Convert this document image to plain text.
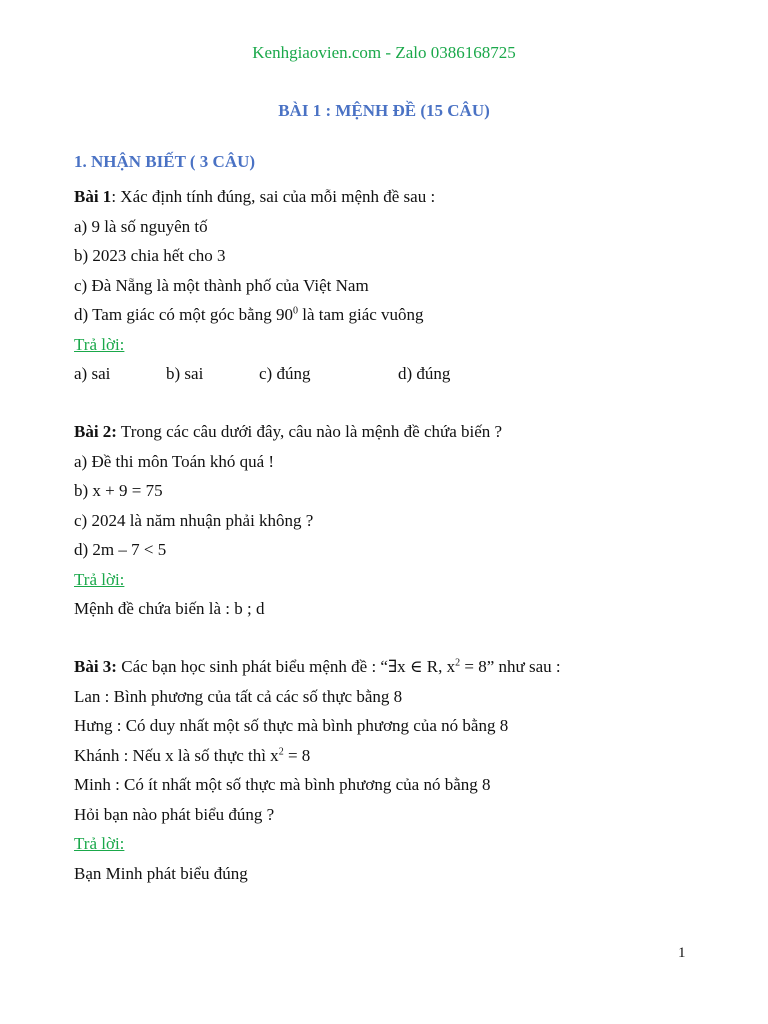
Kenhgiaovien.com - Zalo 0386168725
BÀI 1 : MỆNH ĐỀ (15 CÂU)
1. NHẬN BIẾT ( 3 CÂU)
Bài 1: Xác định tính đúng, sai của mỗi mệnh đề sau :
a) 9 là số nguyên tố
b) 2023 chia hết cho 3
c) Đà Nẵng là một thành phố của Việt Nam
d) Tam giác có một góc bằng $90^0$ là tam giác vuông
Trả lời:
a) sai	b) sai	c) đúng	d) đúng
Bài 2: Trong các câu dưới đây, câu nào là mệnh đề chứa biến ?
a) Đề thi môn Toán khó quá !
b) x + 9 = 75
c) 2024 là năm nhuận phải không ?
d) 2m – 7 < 5
Trả lời:
Mệnh đề chứa biến là : b ; d
Bài 3: Các bạn học sinh phát biểu mệnh đề : “∃x ∈ R, $x^2 = 8$” như sau :
Lan : Bình phương của tất cả các số thực bằng 8
Hưng : Có duy nhất một số thực mà bình phương của nó bằng 8
Khánh : Nếu x là số thực thì $x^2 = 8$
Minh : Có ít nhất một số thực mà bình phương của nó bằng 8
Hỏi bạn nào phát biểu đúng ?
Trả lời:
Bạn Minh phát biểu đúng
1
